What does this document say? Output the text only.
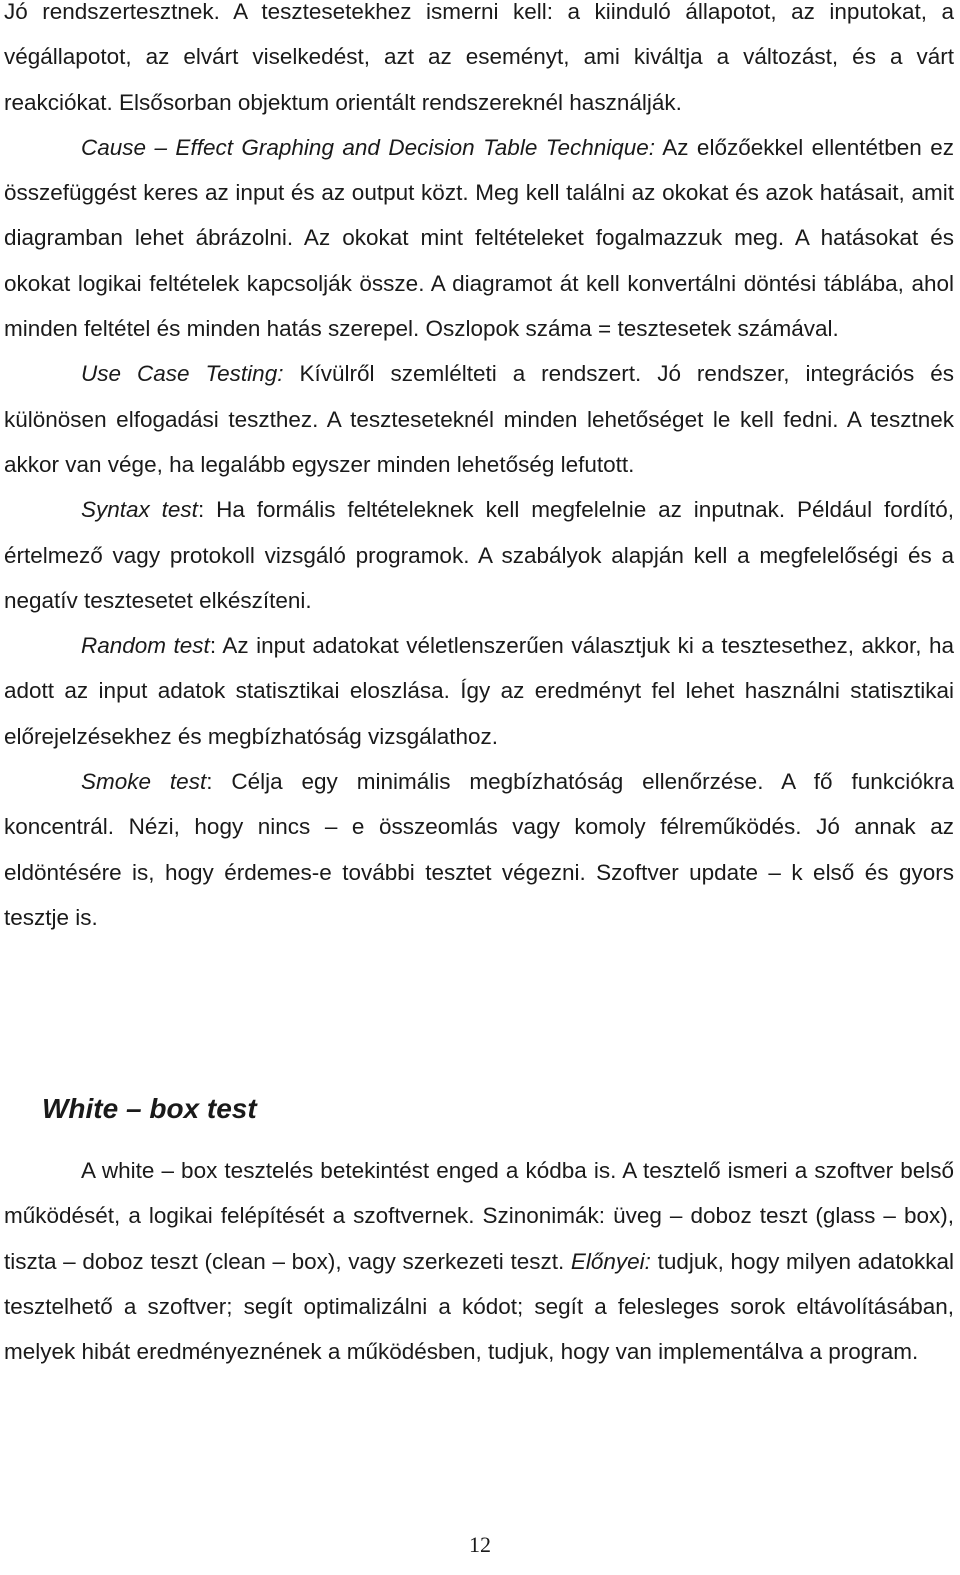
Jó rendszertesztnek. A tesztesetekhez ismerni kell: a kiinduló állapotot, az inputokat, a végállapotot, az elvárt viselkedést, azt az eseményt, ami kiváltja a változást, és a várt reakciókat. Elsősorban objektum orientált rendszereknél használják.

Cause – Effect Graphing and Decision Table Technique: Az előzőekkel ellentétben ez összefüggést keres az input és az output közt. Meg kell találni az okokat és azok hatásait, amit diagramban lehet ábrázolni. Az okokat mint feltételeket fogalmazzuk meg. A hatásokat és okokat logikai feltételek kapcsolják össze. A diagramot át kell konvertálni döntési táblába, ahol minden feltétel és minden hatás szerepel. Oszlopok száma = tesztesetek számával.

Use Case Testing: Kívülről szemlélteti a rendszert. Jó rendszer, integrációs és különösen elfogadási teszthez. A teszteseteknél minden lehetőséget le kell fedni. A tesztnek akkor van vége, ha legalább egyszer minden lehetőség lefutott.

Syntax test: Ha formális feltételeknek kell megfelelnie az inputnak. Például fordító, értelmező vagy protokoll vizsgáló programok. A szabályok alapján kell a megfelelőségi és a negatív tesztesetet elkészíteni.

Random test: Az input adatokat véletlenszerűen választjuk ki a tesztesethez, akkor, ha adott az input adatok statisztikai eloszlása. Így az eredményt fel lehet használni statisztikai előrejelzésekhez és megbízhatóság vizsgálathoz.

Smoke test: Célja egy minimális megbízhatóság ellenőrzése. A fő funkciókra koncentrál. Nézi, hogy nincs – e összeomlás vagy komoly félreműködés. Jó annak az eldöntésére is, hogy érdemes-e további tesztet végezni. Szoftver update – k első és gyors tesztje is.

White – box test

A white – box tesztelés betekintést enged a kódba is. A tesztelő ismeri a szoftver belső működését, a logikai felépítését a szoftvernek. Szinonimák: üveg – doboz teszt (glass – box), tiszta – doboz teszt (clean – box), vagy szerkezeti teszt. Előnyei: tudjuk, hogy milyen adatokkal tesztelhető a szoftver; segít optimalizálni a kódot; segít a felesleges sorok eltávolításában, melyek hibát eredményeznének a működésben, tudjuk, hogy van implementálva a program.

12
